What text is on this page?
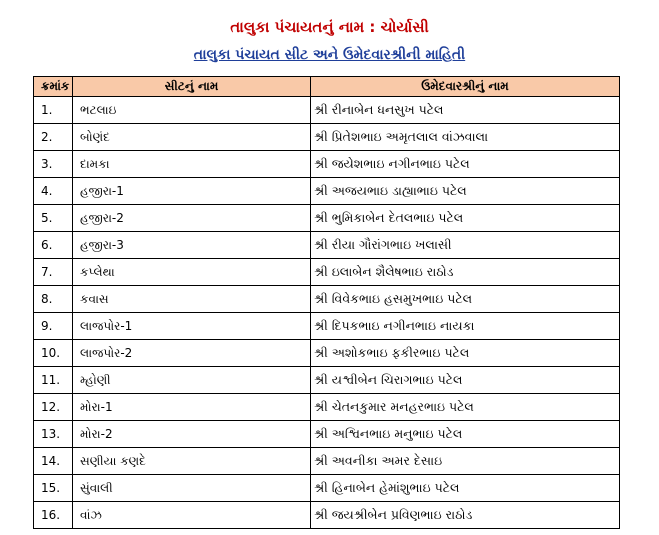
તાલુકા પંચાયતનું નામ : ચોર્યાસી
તાલુકા પંચાયત સીટ અને ઉમેદવારશ્રીની માહિતી
ક્રમાંક	સીટનું નામ	ઉમેદવારશ્રીનું નામ
1.	ભટલાઇ	શ્રી રીનાબેન ધનસુખ પટેલ
2.	બોણંદ	શ્રી પ્રિતેશભાઇ અમૃતલાલ વાંઝવાલા
3.	દામકા	શ્રી જયેશભાઇ નગીનભાઇ પટેલ
4.	હજીરા-1	શ્રી અજયભાઇ ડાહ્યાભાઇ પટેલ
5.	હજીરા-2	શ્રી ભુમિકાબેન દેતલભાઇ પટેલ
6.	હજીરા-3	શ્રી રીયા ગૌરાંગભાઇ ખલાસી
7.	કપ્લેથા	શ્રી ઇલાબેન શૈલેષભાઇ રાઠોડ
8.	કવાસ	શ્રી વિવેકભાઇ હસમુખભાઇ પટેલ
9.	લાજપોર-1	શ્રી દિપકભાઇ નગીનભાઇ નાયકા
10.	લાજપોર-2	શ્રી અશોકભાઇ ફકીરભાઇ પટેલ
11.	મ્હોણી	શ્રી યશ્વીબેન ચિરાગભાઇ પટેલ
12.	મોરા-1	શ્રી ચેતનકુમાર મનહરભાઇ પટેલ
13.	મોરા-2	શ્રી અશ્વિનભાઇ મનુભાઇ પટેલ
14.	સણીયા કણદે	શ્રી અવનીકા અમર દેસાઇ
15.	સુંવાલી	શ્રી હિનાબેન હેમાંશુભાઇ પટેલ
16.	વાંઝ	શ્રી જયશ્રીબેન પ્રવિણભાઇ રાઠોડ
